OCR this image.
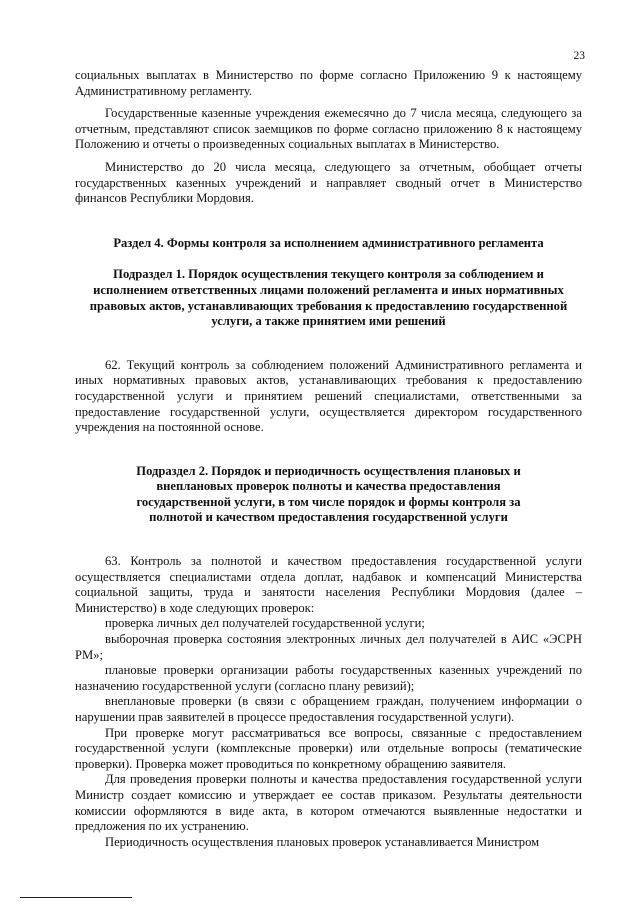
23

социальных выплатах в Министерство по форме согласно Приложению 9 к настоящему Административному регламенту.

Государственные казенные учреждения ежемесячно до 7 числа месяца, следующего за отчетным, представляют список заемщиков по форме согласно приложению 8 к настоящему Положению и отчеты о произведенных социальных выплатах в Министерство.

Министерство до 20 числа месяца, следующего за отчетным, обобщает отчеты государственных казенных учреждений и направляет сводный отчет в Министерство финансов Республики Мордовия.

Раздел 4. Формы контроля за исполнением административного регламента

Подраздел 1. Порядок осуществления текущего контроля за соблюдением и исполнением ответственных лицами положений регламента и иных нормативных правовых актов, устанавливающих требования к предоставлению государственной услуги, а также принятием ими решений

62. Текущий контроль за соблюдением положений Административного регламента и иных нормативных правовых актов, устанавливающих требования к предоставлению государственной услуги и принятием решений специалистами, ответственными за предоставление государственной услуги, осуществляется директором государственного учреждения на постоянной основе.

Подраздел 2. Порядок и периодичность осуществления плановых и внеплановых проверок полноты и качества предоставления государственной услуги, в том числе порядок и формы контроля за полнотой и качеством предоставления государственной услуги

63. Контроль за полнотой и качеством предоставления государственной услуги осуществляется специалистами отдела доплат, надбавок и компенсаций Министерства социальной защиты, труда и занятости населения Республики Мордовия (далее – Министерство) в ходе следующих проверок:

проверка личных дел получателей государственной услуги;

выборочная проверка состояния электронных личных дел получателей в АИС «ЭСРН РМ»;

плановые проверки организации работы государственных казенных учреждений по назначению государственной услуги (согласно плану ревизий);

внеплановые проверки (в связи с обращением граждан, получением информации о нарушении прав заявителей в процессе предоставления государственной услуги).

При проверке могут рассматриваться все вопросы, связанные с предоставлением государственной услуги (комплексные проверки) или отдельные вопросы (тематические проверки). Проверка может проводиться по конкретному обращению заявителя.

Для проведения проверки полноты и качества предоставления государственной услуги Министр создает комиссию и утверждает ее состав приказом. Результаты деятельности комиссии оформляются в виде акта, в котором отмечаются выявленные недостатки и предложения по их устранению.

Периодичность осуществления плановых проверок устанавливается Министром
